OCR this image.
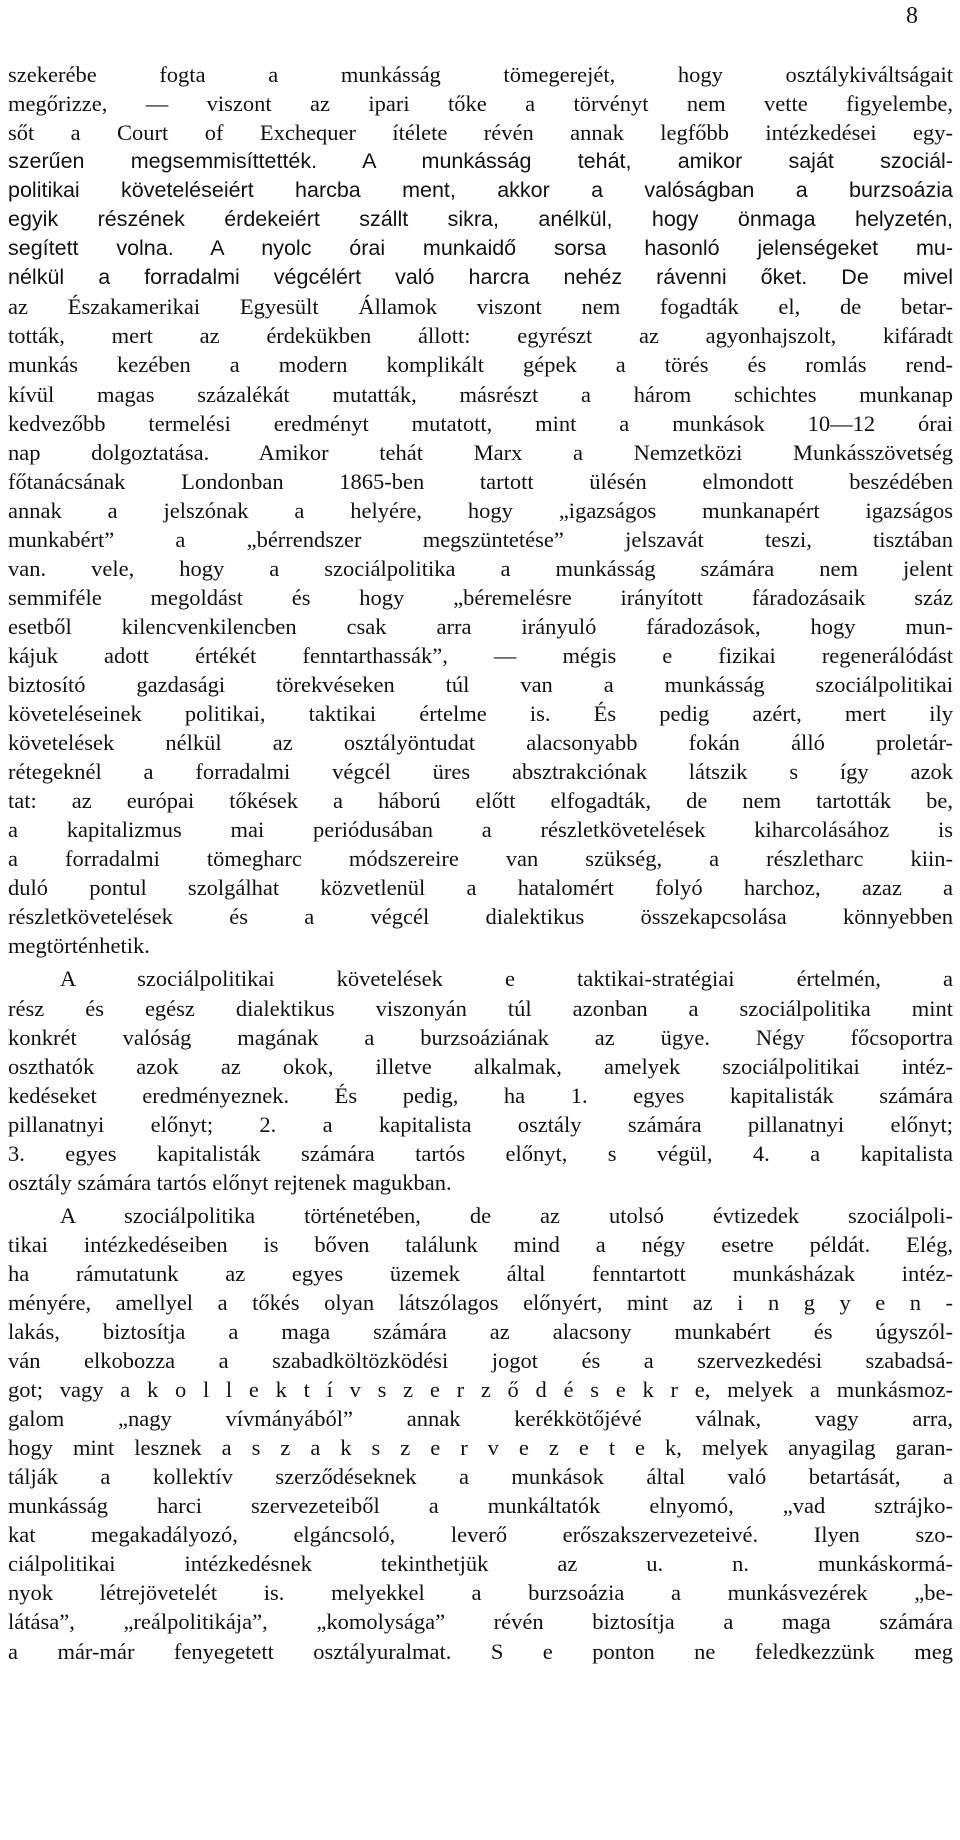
8
szekerébe fogta a munkásság tömegerejét, hogy osztálykiváltságait
megőrizze, — viszont az ipari tőke a törvényt nem vette figyelembe,
sőt a Court of Exchequer ítélete révén annak legfőbb intézkedései egy-
szerűen megsemmisíttették. A munkásság tehát, amikor saját szociál-
politikai követeléseiért harcba ment, akkor a valóságban a burzsoázia
egyik részének érdekeiért szállt sikra, anélkül, hogy önmaga helyzetén,
segített volna. A nyolc órai munkaidő sorsa hasonló jelenségeket mu-
nélkül a forradalmi végcélért való harcra nehéz rávenni őket. De mivel
az Északamerikai Egyesült Államok viszont nem fogadták el, de betar-
tották, mert az érdekükben állott: egyrészt az agyonhajszolt, kifáradt
munkás kezében a modern komplikált gépek a törés és romlás rend-
kívül magas százalékát mutatták, másrészt a három schichtes munkanap
kedvezőbb termelési eredményt mutatott, mint a munkások 10—12 órai
nap dolgoztatása. Amikor tehát Marx a Nemzetközi Munkásszövetség
főtanácsának Londonban 1865-ben tartott ülésén elmondott beszédében
annak a jelszónak a helyére, hogy „igazságos munkanapért igazságos
munkabért” a „bérrendszer megszüntetése” jelszavát teszi, tisztában
van. vele, hogy a szociálpolitika a munkásság számára nem jelent
semmiféle megoldást és hogy „béremelésre irányított fáradozásaik száz
esetből kilencvenkilencben csak arra irányuló fáradozások, hogy mun-
kájuk adott értékét fenntarthassák”, — mégis e fizikai regenerálódást
biztosító gazdasági törekvéseken túl van a munkásság szociálpolitikai
követeléseinek politikai, taktikai értelme is. És pedig azért, mert ily
követelések nélkül az osztályöntudat alacsonyabb fokán álló proletár-
rétegeknél a forradalmi végcél üres absztrakciónak látszik s így azok
tat: az európai tőkések a háború előtt elfogadták, de nem tartották be,
a kapitalizmus mai periódusában a részletkövetelések kiharcolásához is
a forradalmi tömegharc módszereire van szükség, a részletharc kiin-
duló pontul szolgálhat közvetlenül a hatalomért folyó harchoz, azaz a
részletkövetelések és a végcél dialektikus összekapcsolása könnyebben
megtörténhetik.
A szociálpolitikai követelések e taktikai-stratégiai értelmén, a
rész és egész dialektikus viszonyán túl azonban a szociálpolitika mint
konkrét valóság magának a burzsoáziának az ügye. Négy főcsoportra
oszthatók azok az okok, illetve alkalmak, amelyek szociálpolitikai intéz-
kedéseket eredményeznek. És pedig, ha 1. egyes kapitalisták számára
pillanatnyi előnyt; 2. a kapitalista osztály számára pillanatnyi előnyt;
3. egyes kapitalisták számára tartós előnyt, s végül, 4. a kapitalista
osztály számára tartós előnyt rejtenek magukban.
A szociálpolitika történetében, de az utolsó évtizedek szociálpoli-
tikai intézkedéseiben is bőven találunk mind a négy esetre példát. Elég,
ha rámutatunk az egyes üzemek által fenntartott munkásházak intéz-
ményére, amellyel a tőkés olyan látszólagos előnyért, mint az i n g y e n -
lakás, biztosítja a maga számára az alacsony munkabért és úgyszól-
ván elkobozza a szabadköltözködési jogot és a szervezkedési szabadsá-
got; vagy a k o l l e k t í v s z e r z ő d é s e k r e, melyek a munkásmoz-
galom „nagy vívmányából” annak kerékkötőjévé válnak, vagy arra,
hogy mint lesznek a s z a k s z e r v e z e t e k, melyek anyagilag garan-
tálják a kollektív szerződéseknek a munkások által való betartását, a
munkásság harci szervezeteiből a munkáltatók elnyomó, „vad sztrájko-
kat megakadályozó, elgáncsoló, leverő erőszakszervezeteivé. Ilyen szo-
ciálpolitikai intézkedésnek tekinthetjük az u. n. munkáskormá-
nyok létrejövetelét is. melyekkel a burzsoázia a munkásvezérek „be-
látása”, „reálpolitikája”, „komolysága” révén biztosítja a maga számára
a már-már fenyegetett osztályuralmat. S e ponton ne feledkezzünk meg
